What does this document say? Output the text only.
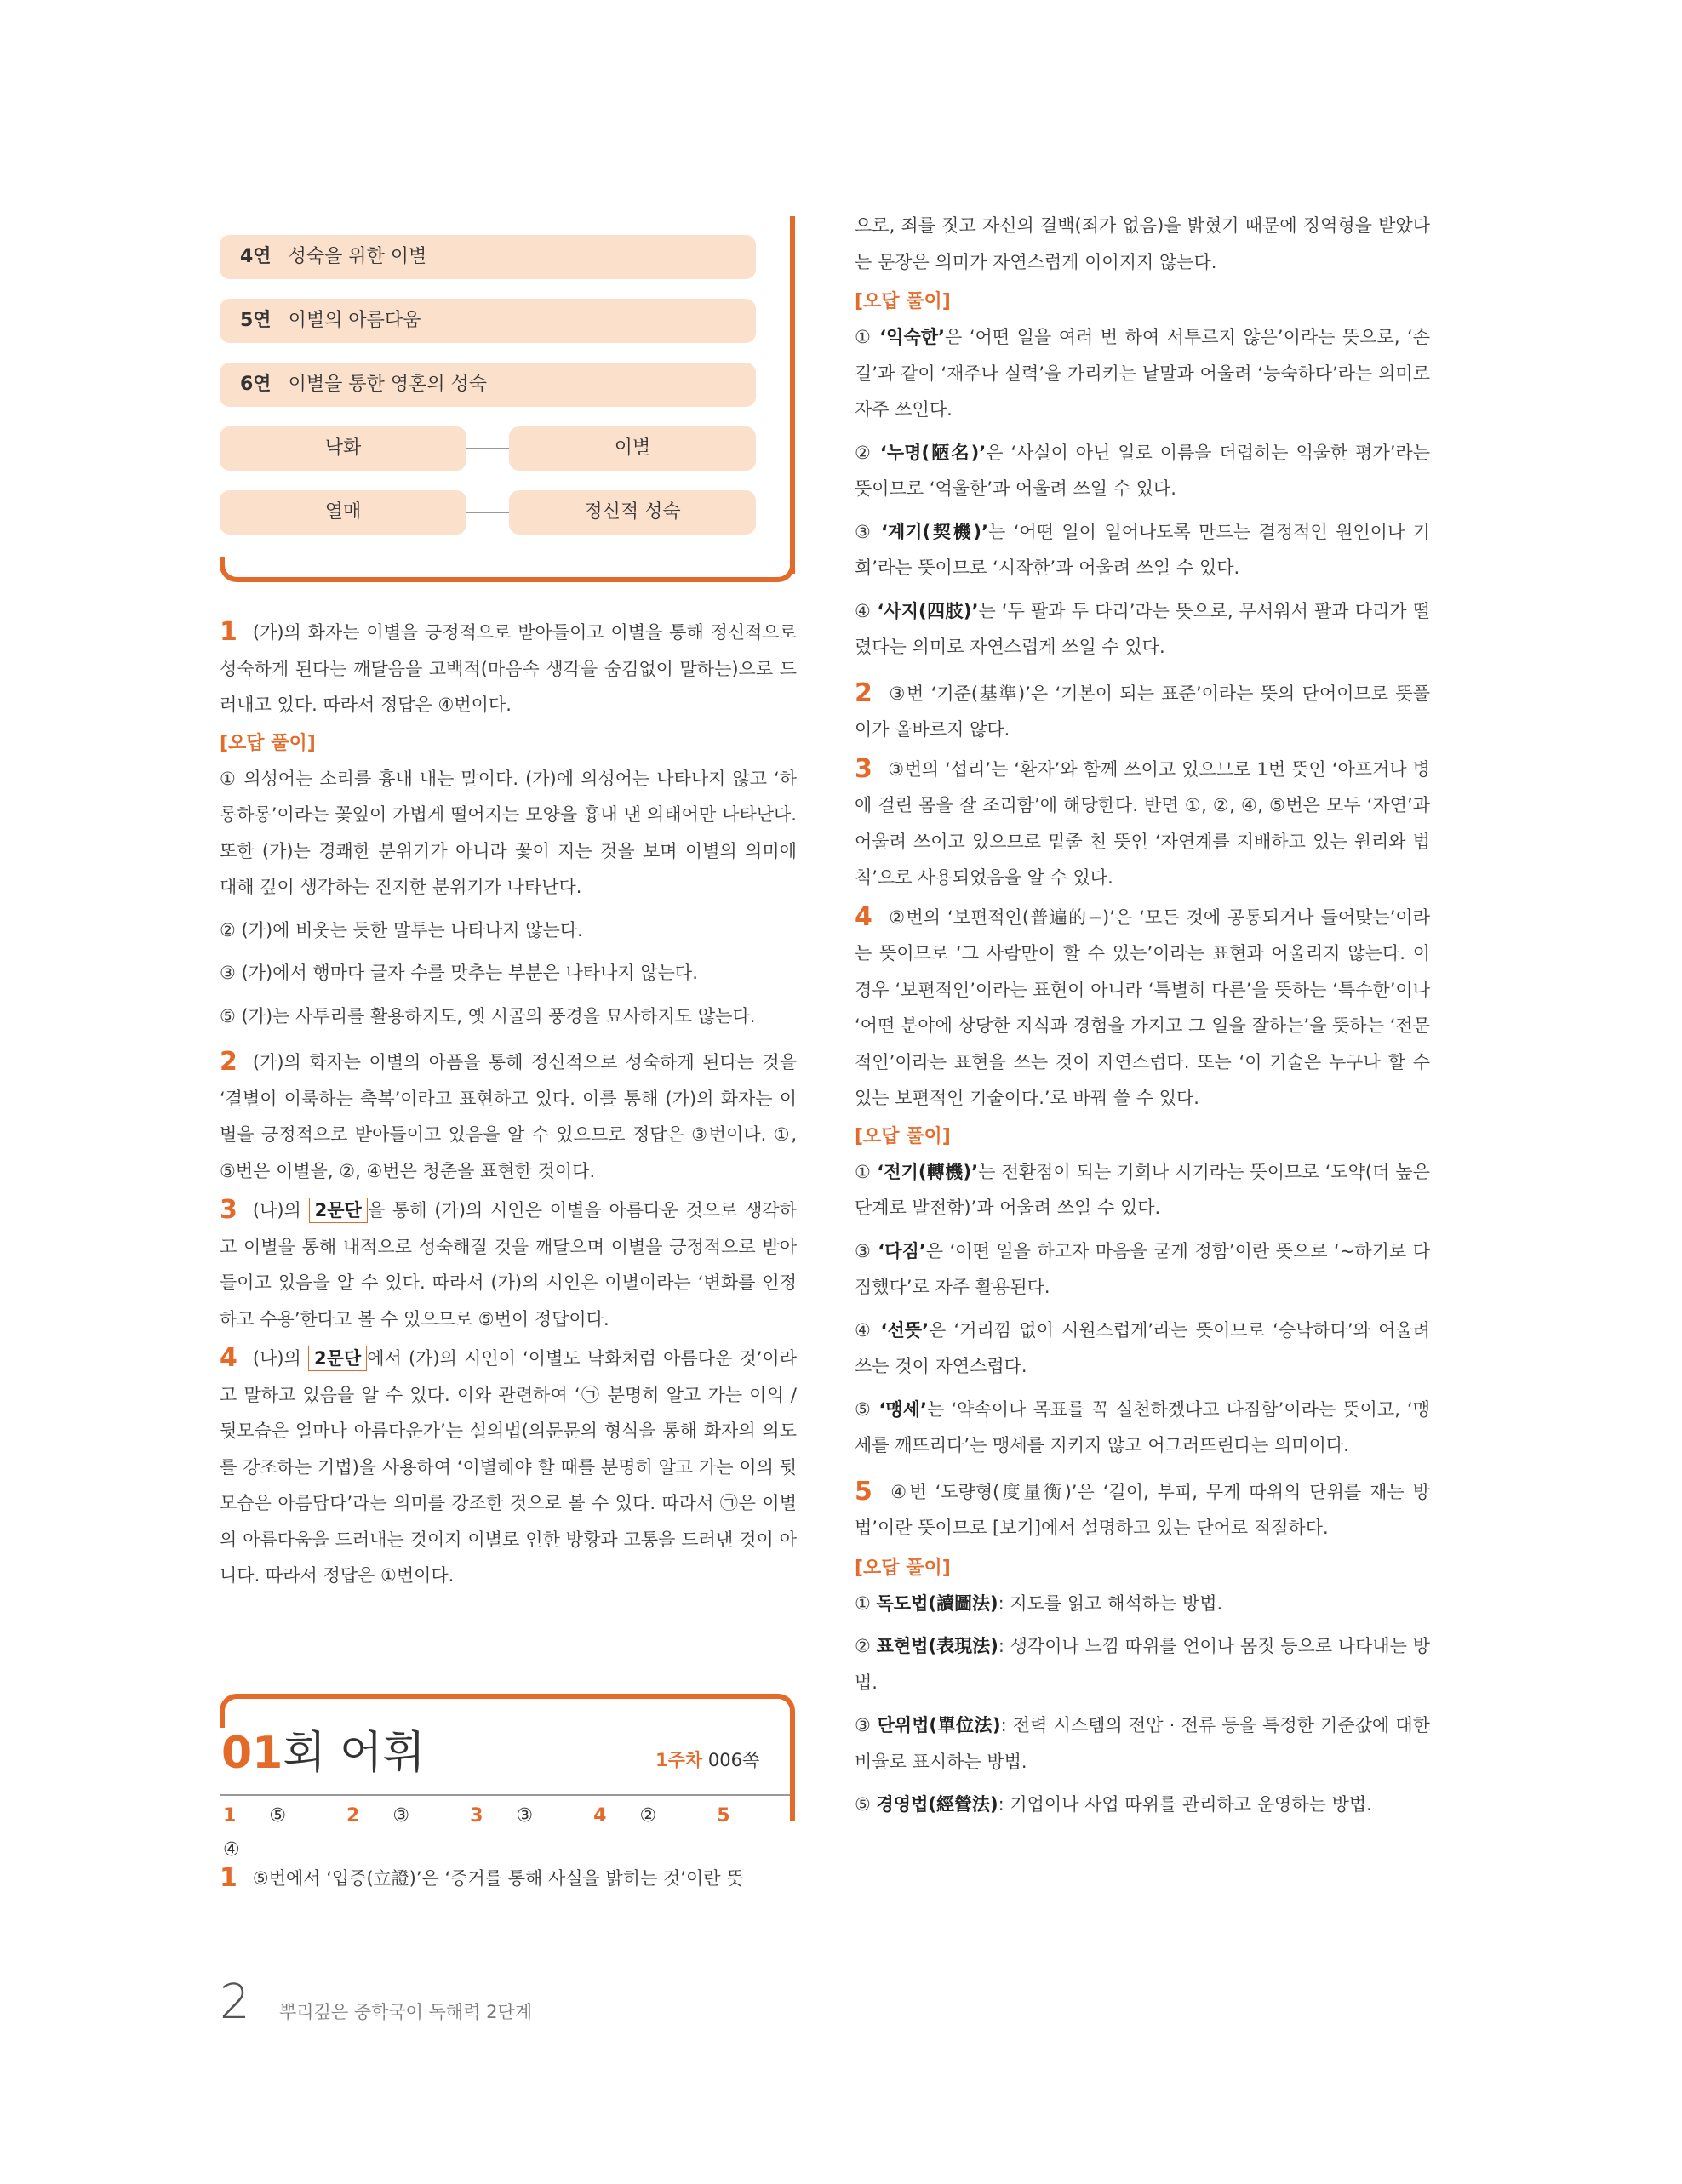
4연 성숙을 위한 이별
5연 이별의 아름다움
6연 이별을 통한 영혼의 성숙
낙화	이별
열매	정신적 성숙

1 (가)의 화자는 이별을 긍정적으로 받아들이고 이별을 통해 정신적으로 성숙하게 된다는 깨달음을 고백적(마음속 생각을 숨김없이 말하는)으로 드러내고 있다. 따라서 정답은 ④번이다.

[오답 풀이]

① 의성어는 소리를 흉내 내는 말이다. (가)에 의성어는 나타나지 않고 ‘하롱하롱’이라는 꽃잎이 가볍게 떨어지는 모양을 흉내 낸 의태어만 나타난다. 또한 (가)는 경쾌한 분위기가 아니라 꽃이 지는 것을 보며 이별의 의미에 대해 깊이 생각하는 진지한 분위기가 나타난다.

② (가)에 비웃는 듯한 말투는 나타나지 않는다.

③ (가)에서 행마다 글자 수를 맞추는 부분은 나타나지 않는다.

⑤ (가)는 사투리를 활용하지도, 옛 시골의 풍경을 묘사하지도 않는다.

2 (가)의 화자는 이별의 아픔을 통해 정신적으로 성숙하게 된다는 것을 ‘결별이 이룩하는 축복’이라고 표현하고 있다. 이를 통해 (가)의 화자는 이별을 긍정적으로 받아들이고 있음을 알 수 있으므로 정답은 ③번이다. ①, ⑤번은 이별을, ②, ④번은 청춘을 표현한 것이다.

3 (나)의 2문단 을 통해 (가)의 시인은 이별을 아름다운 것으로 생각하고 이별을 통해 내적으로 성숙해질 것을 깨달으며 이별을 긍정적으로 받아들이고 있음을 알 수 있다. 따라서 (가)의 시인은 이별이라는 ‘변화를 인정하고 수용’한다고 볼 수 있으므로 ⑤번이 정답이다.

4 (나)의 2문단 에서 (가)의 시인이 ‘이별도 낙화처럼 아름다운 것’이라고 말하고 있음을 알 수 있다. 이와 관련하여 ‘㉠ 분명히 알고 가는 이의 / 뒷모습은 얼마나 아름다운가’는 설의법(의문문의 형식을 통해 화자의 의도를 강조하는 기법)을 사용하여 ‘이별해야 할 때를 분명히 알고 가는 이의 뒷모습은 아름답다’라는 의미를 강조한 것으로 볼 수 있다. 따라서 ㉠은 이별의 아름다움을 드러내는 것이지 이별로 인한 방황과 고통을 드러낸 것이 아니다. 따라서 정답은 ①번이다.

01회 어휘	1주차 006쪽
1 ⑤	2 ③	3 ③	4 ②	5 ④

1 ⑤번에서 ‘입증(立證)’은 ‘증거를 통해 사실을 밝히는 것’이란 뜻

으로, 죄를 짓고 자신의 결백(죄가 없음)을 밝혔기 때문에 징역형을 받았다는 문장은 의미가 자연스럽게 이어지지 않는다.

[오답 풀이]

① ‘익숙한’은 ‘어떤 일을 여러 번 하여 서투르지 않은’이라는 뜻으로, ‘손길’과 같이 ‘재주나 실력’을 가리키는 낱말과 어울려 ‘능숙하다’라는 의미로 자주 쓰인다.

② ‘누명(陋名)’은 ‘사실이 아닌 일로 이름을 더럽히는 억울한 평가’라는 뜻이므로 ‘억울한’과 어울려 쓰일 수 있다.

③ ‘계기(契機)’는 ‘어떤 일이 일어나도록 만드는 결정적인 원인이나 기회’라는 뜻이므로 ‘시작한’과 어울려 쓰일 수 있다.

④ ‘사지(四肢)’는 ‘두 팔과 두 다리’라는 뜻으로, 무서워서 팔과 다리가 떨렸다는 의미로 자연스럽게 쓰일 수 있다.

2 ③번 ‘기준(基準)’은 ‘기본이 되는 표준’이라는 뜻의 단어이므로 뜻풀이가 올바르지 않다.

3 ③번의 ‘섭리’는 ‘환자’와 함께 쓰이고 있으므로 1번 뜻인 ‘아프거나 병에 걸린 몸을 잘 조리함’에 해당한다. 반면 ①, ②, ④, ⑤번은 모두 ‘자연’과 어울려 쓰이고 있으므로 밑줄 친 뜻인 ‘자연계를 지배하고 있는 원리와 법칙’으로 사용되었음을 알 수 있다.

4 ②번의 ‘보편적인(普遍的−)’은 ‘모든 것에 공통되거나 들어맞는’이라는 뜻이므로 ‘그 사람만이 할 수 있는’이라는 표현과 어울리지 않는다. 이 경우 ‘보편적인’이라는 표현이 아니라 ‘특별히 다른’을 뜻하는 ‘특수한’이나 ‘어떤 분야에 상당한 지식과 경험을 가지고 그 일을 잘하는’을 뜻하는 ‘전문적인’이라는 표현을 쓰는 것이 자연스럽다. 또는 ‘이 기술은 누구나 할 수 있는 보편적인 기술이다.’로 바꿔 쓸 수 있다.

[오답 풀이]

① ‘전기(轉機)’는 전환점이 되는 기회나 시기라는 뜻이므로 ‘도약(더 높은 단계로 발전함)’과 어울려 쓰일 수 있다.

③ ‘다짐’은 ‘어떤 일을 하고자 마음을 굳게 정함’이란 뜻으로 ‘~하기로 다짐했다’로 자주 활용된다.

④ ‘선뜻’은 ‘거리낌 없이 시원스럽게’라는 뜻이므로 ‘승낙하다’와 어울려 쓰는 것이 자연스럽다.

⑤ ‘맹세’는 ‘약속이나 목표를 꼭 실천하겠다고 다짐함’이라는 뜻이고, ‘맹세를 깨뜨리다’는 맹세를 지키지 않고 어그러뜨린다는 의미이다.

5 ④번 ‘도량형(度量衡)’은 ‘길이, 부피, 무게 따위의 단위를 재는 방법’이란 뜻이므로 [보기]에서 설명하고 있는 단어로 적절하다.

[오답 풀이]

① 독도법(讀圖法): 지도를 읽고 해석하는 방법.

② 표현법(表現法): 생각이나 느낌 따위를 언어나 몸짓 등으로 나타내는 방법.

③ 단위법(單位法): 전력 시스템의 전압 · 전류 등을 특정한 기준값에 대한 비율로 표시하는 방법.

⑤ 경영법(經營法): 기업이나 사업 따위를 관리하고 운영하는 방법.

2 뿌리깊은 중학국어 독해력 2단계
